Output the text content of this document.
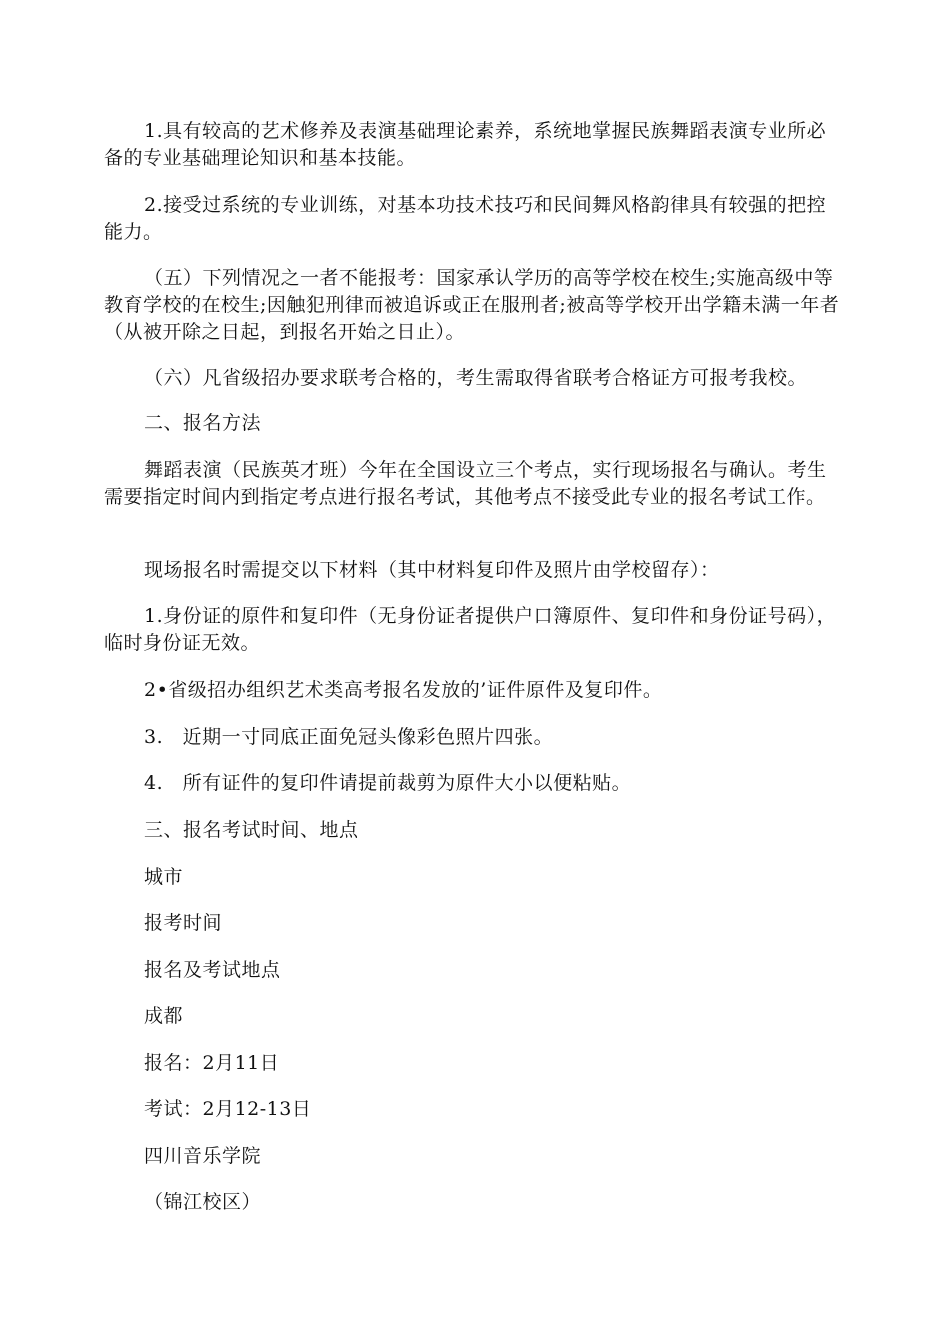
1.具有较高的艺术修养及表演基础理论素养，系统地掌握民族舞蹈表演专业所必备的专业基础理论知识和基本技能。

2.接受过系统的专业训练，对基本功技术技巧和民间舞风格韵律具有较强的把控能力。

（五）下列情况之一者不能报考：国家承认学历的高等学校在校生;实施高级中等教育学校的在校生;因触犯刑律而被追诉或正在服刑者;被高等学校开出学籍未满一年者（从被开除之日起，到报名开始之日止）。

（六）凡省级招办要求联考合格的，考生需取得省联考合格证方可报考我校。

二、报名方法

舞蹈表演（民族英才班）今年在全国设立三个考点，实行现场报名与确认。考生需要指定时间内到指定考点进行报名考试，其他考点不接受此专业的报名考试工作。

现场报名时需提交以下材料（其中材料复印件及照片由学校留存）：

1.身份证的原件和复印件（无身份证者提供户口簿原件、复印件和身份证号码），临时身份证无效。

2•省级招办组织艺术类高考报名发放的’证件原件及复印件。

3.　近期一寸同底正面免冠头像彩色照片四张。

4.　所有证件的复印件请提前裁剪为原件大小以便粘贴。

三、报名考试时间、地点

城市

报考时间

报名及考试地点

成都

报名：2月11日

考试：2月12-13日

四川音乐学院

（锦江校区）
